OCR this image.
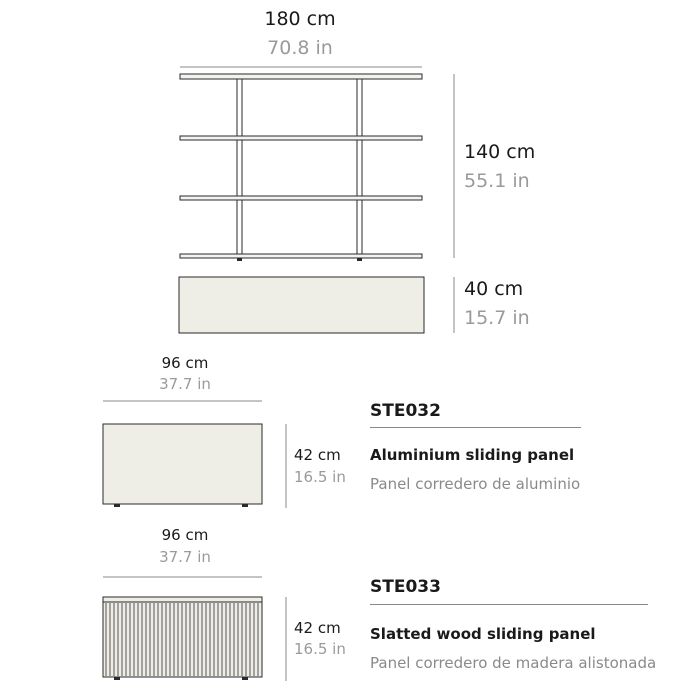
180 cm
70.8 in
140 cm
55.1 in
40 cm
15.7 in
96 cm
37.7 in
42 cm
16.5 in
STE032
Aluminium sliding panel
Panel corredero de aluminio
96 cm
37.7 in
42 cm
16.5 in
STE033
Slatted wood sliding panel
Panel corredero de madera alistonada
